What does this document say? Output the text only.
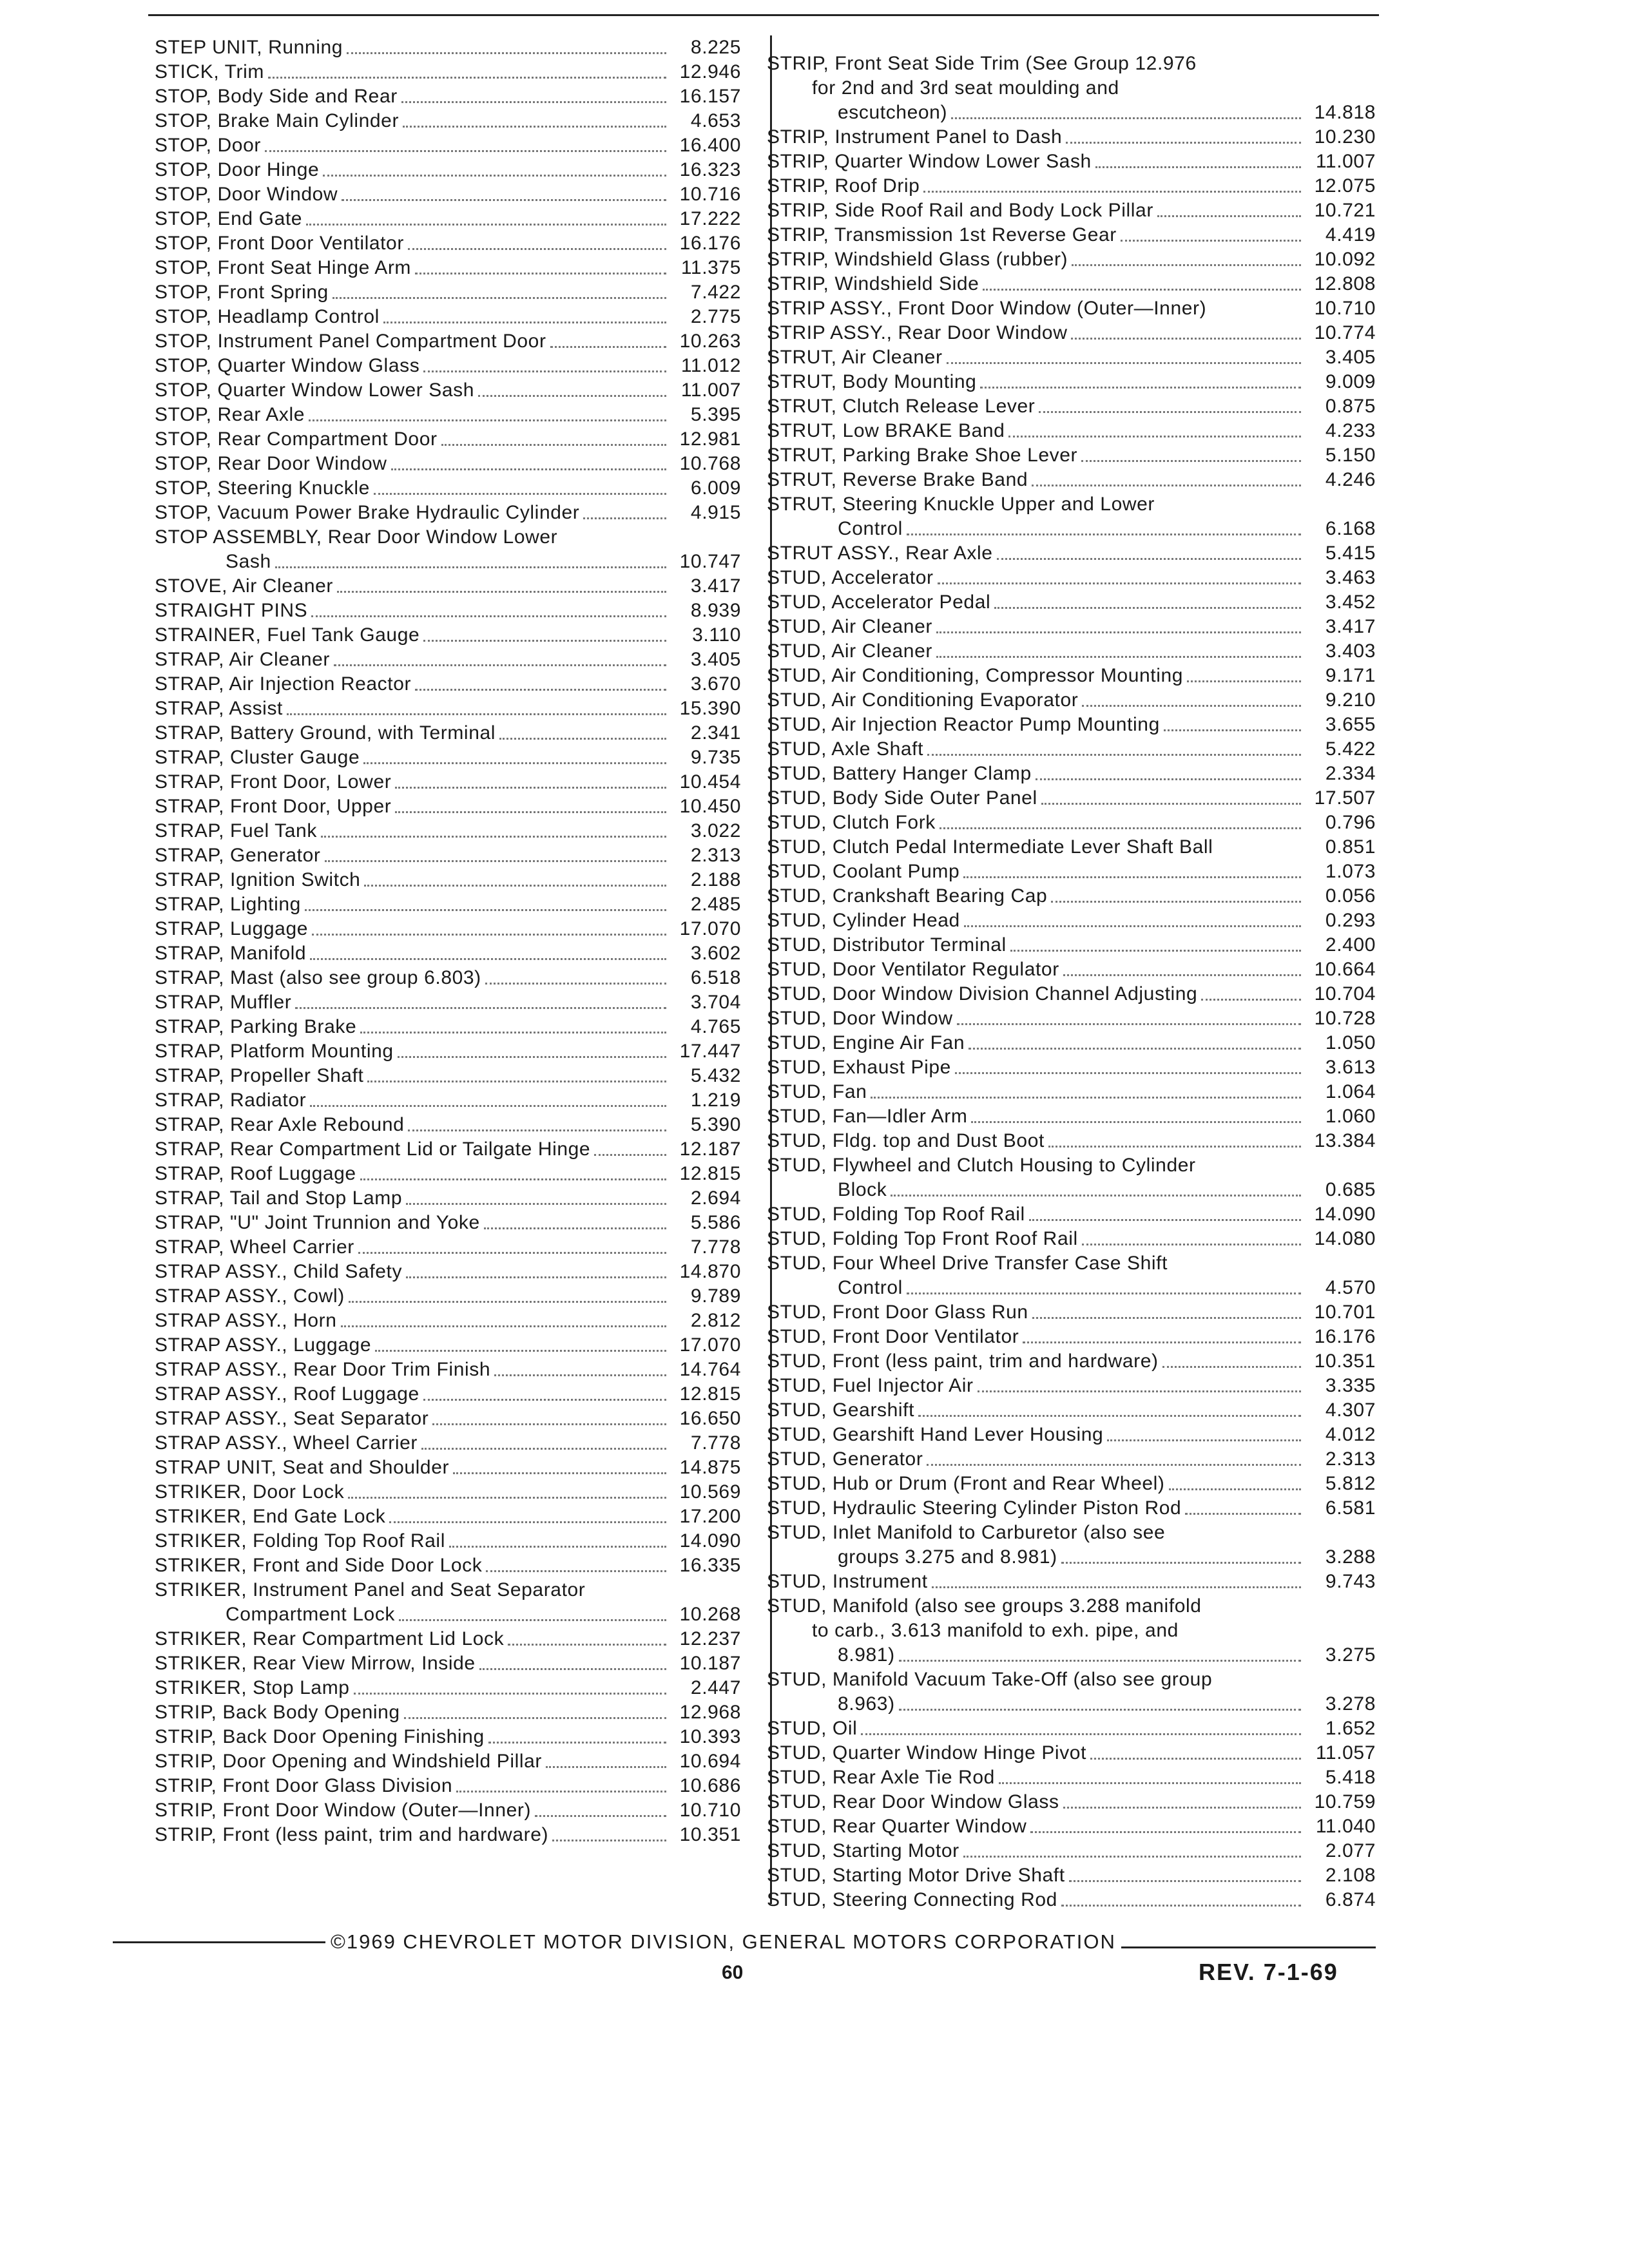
STEP UNIT, Running	8.225
STICK, Trim	12.946
STOP, Body Side and Rear	16.157
STOP, Brake Main Cylinder	4.653
STOP, Door	16.400
STOP, Door Hinge	16.323
STOP, Door Window	10.716
STOP, End Gate	17.222
STOP, Front Door Ventilator	16.176
STOP, Front Seat Hinge Arm	11.375
STOP, Front Spring	7.422
STOP, Headlamp Control	2.775
STOP, Instrument Panel Compartment Door	10.263
STOP, Quarter Window Glass	11.012
STOP, Quarter Window Lower Sash	11.007
STOP, Rear Axle	5.395
STOP, Rear Compartment Door	12.981
STOP, Rear Door Window	10.768
STOP, Steering Knuckle	6.009
STOP, Vacuum Power Brake Hydraulic Cylinder	4.915
STOP ASSEMBLY, Rear Door Window Lower
Sash	10.747
STOVE, Air Cleaner	3.417
STRAIGHT PINS	8.939
STRAINER, Fuel Tank Gauge	3.110
STRAP, Air Cleaner	3.405
STRAP, Air Injection Reactor	3.670
STRAP, Assist	15.390
STRAP, Battery Ground, with Terminal	2.341
STRAP, Cluster Gauge	9.735
STRAP, Front Door, Lower	10.454
STRAP, Front Door, Upper	10.450
STRAP, Fuel Tank	3.022
STRAP, Generator	2.313
STRAP, Ignition Switch	2.188
STRAP, Lighting	2.485
STRAP, Luggage	17.070
STRAP, Manifold	3.602
STRAP, Mast (also see group 6.803)	6.518
STRAP, Muffler	3.704
STRAP, Parking Brake	4.765
STRAP, Platform Mounting	17.447
STRAP, Propeller Shaft	5.432
STRAP, Radiator	1.219
STRAP, Rear Axle Rebound	5.390
STRAP, Rear Compartment Lid or Tailgate Hinge	12.187
STRAP, Roof Luggage	12.815
STRAP, Tail and Stop Lamp	2.694
STRAP, "U" Joint Trunnion and Yoke	5.586
STRAP, Wheel Carrier	7.778
STRAP ASSY., Child Safety	14.870
STRAP ASSY., Cowl)	9.789
STRAP ASSY., Horn	2.812
STRAP ASSY., Luggage	17.070
STRAP ASSY., Rear Door Trim Finish	14.764
STRAP ASSY., Roof Luggage	12.815
STRAP ASSY., Seat Separator	16.650
STRAP ASSY., Wheel Carrier	7.778
STRAP UNIT, Seat and Shoulder	14.875
STRIKER, Door Lock	10.569
STRIKER, End Gate Lock	17.200
STRIKER, Folding Top Roof Rail	14.090
STRIKER, Front and Side Door Lock	16.335
STRIKER, Instrument Panel and Seat Separator
Compartment Lock	10.268
STRIKER, Rear Compartment Lid Lock	12.237
STRIKER, Rear View Mirrow, Inside	10.187
STRIKER, Stop Lamp	2.447
STRIP, Back Body Opening	12.968
STRIP, Back Door Opening Finishing	10.393
STRIP, Door Opening and Windshield Pillar	10.694
STRIP, Front Door Glass Division	10.686
STRIP, Front Door Window (Outer—Inner)	10.710
STRIP, Front (less paint, trim and hardware)	10.351
STRIP, Front Seat Side Trim (See Group 12.976
for 2nd and 3rd seat moulding and
escutcheon)	14.818
STRIP, Instrument Panel to Dash	10.230
STRIP, Quarter Window Lower Sash	11.007
STRIP, Roof Drip	12.075
STRIP, Side Roof Rail and Body Lock Pillar	10.721
STRIP, Transmission 1st Reverse Gear	4.419
STRIP, Windshield Glass (rubber)	10.092
STRIP, Windshield Side	12.808
STRIP ASSY., Front Door Window (Outer—Inner)	10.710
STRIP ASSY., Rear Door Window	10.774
STRUT, Air Cleaner	3.405
STRUT, Body Mounting	9.009
STRUT, Clutch Release Lever	0.875
STRUT, Low BRAKE Band	4.233
STRUT, Parking Brake Shoe Lever	5.150
STRUT, Reverse Brake Band	4.246
STRUT, Steering Knuckle Upper and Lower
Control	6.168
STRUT ASSY., Rear Axle	5.415
STUD, Accelerator	3.463
STUD, Accelerator Pedal	3.452
STUD, Air Cleaner	3.417
STUD, Air Cleaner	3.403
STUD, Air Conditioning, Compressor Mounting	9.171
STUD, Air Conditioning Evaporator	9.210
STUD, Air Injection Reactor Pump Mounting	3.655
STUD, Axle Shaft	5.422
STUD, Battery Hanger Clamp	2.334
STUD, Body Side Outer Panel	17.507
STUD, Clutch Fork	0.796
STUD, Clutch Pedal Intermediate Lever Shaft Ball	0.851
STUD, Coolant Pump	1.073
STUD, Crankshaft Bearing Cap	0.056
STUD, Cylinder Head	0.293
STUD, Distributor Terminal	2.400
STUD, Door Ventilator Regulator	10.664
STUD, Door Window Division Channel Adjusting	10.704
STUD, Door Window	10.728
STUD, Engine Air Fan	1.050
STUD, Exhaust Pipe	3.613
STUD, Fan	1.064
STUD, Fan—Idler Arm	1.060
STUD, Fldg. top and Dust Boot	13.384
STUD, Flywheel and Clutch Housing to Cylinder
Block	0.685
STUD, Folding Top Roof Rail	14.090
STUD, Folding Top Front Roof Rail	14.080
STUD, Four Wheel Drive Transfer Case Shift
Control	4.570
STUD, Front Door Glass Run	10.701
STUD, Front Door Ventilator	16.176
STUD, Front (less paint, trim and hardware)	10.351
STUD, Fuel Injector Air	3.335
STUD, Gearshift	4.307
STUD, Gearshift Hand Lever Housing	4.012
STUD, Generator	2.313
STUD, Hub or Drum (Front and Rear Wheel)	5.812
STUD, Hydraulic Steering Cylinder Piston Rod	6.581
STUD, Inlet Manifold to Carburetor (also see
groups 3.275 and 8.981)	3.288
STUD, Instrument	9.743
STUD, Manifold (also see groups 3.288 manifold
to carb., 3.613 manifold to exh. pipe, and
8.981)	3.275
STUD, Manifold Vacuum Take-Off (also see group
8.963)	3.278
STUD, Oil	1.652
STUD, Quarter Window Hinge Pivot	11.057
STUD, Rear Axle Tie Rod	5.418
STUD, Rear Door Window Glass	10.759
STUD, Rear Quarter Window	11.040
STUD, Starting Motor	2.077
STUD, Starting Motor Drive Shaft	2.108
STUD, Steering Connecting Rod	6.874
©1969 CHEVROLET MOTOR DIVISION, GENERAL MOTORS CORPORATION
60	REV. 7-1-69
